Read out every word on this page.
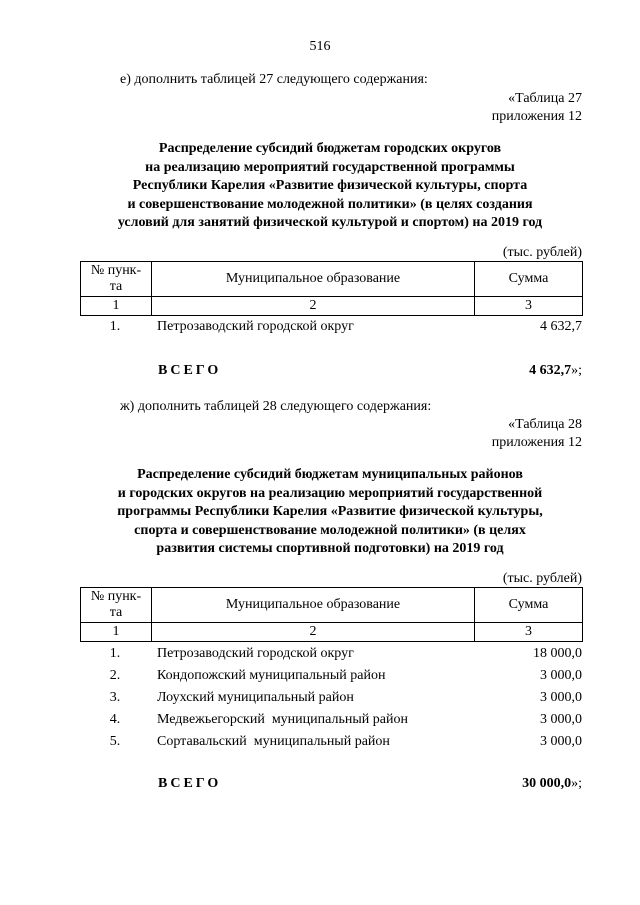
516
е) дополнить таблицей 27 следующего содержания:
«Таблица 27
приложения 12
Распределение субсидий бюджетам городских округов
на реализацию мероприятий государственной программы
Республики Карелия «Развитие физической культуры, спорта
и совершенствование молодежной политики» (в целях создания
условий для занятий физической культурой и спортом) на 2019 год
(тыс. рублей)
№ пунк-
та	Муниципальное образование	Сумма
1	2	3
1.	Петрозаводский городской округ	4 632,7
ВСЕГО	4 632,7»;
ж) дополнить таблицей 28 следующего содержания:
«Таблица 28
приложения 12
Распределение субсидий бюджетам муниципальных районов
и городских округов на реализацию мероприятий государственной
программы Республики Карелия «Развитие физической культуры,
спорта и совершенствование молодежной политики» (в целях
развития системы спортивной подготовки) на 2019 год
(тыс. рублей)
№ пунк-
та	Муниципальное образование	Сумма
1	2	3
1.	Петрозаводский городской округ	18 000,0
2.	Кондопожский муниципальный район	3 000,0
3.	Лоухский муниципальный район	3 000,0
4.	Медвежьегорский  муниципальный район	3 000,0
5.	Сортавальский  муниципальный район	3 000,0
ВСЕГО	30 000,0»;
